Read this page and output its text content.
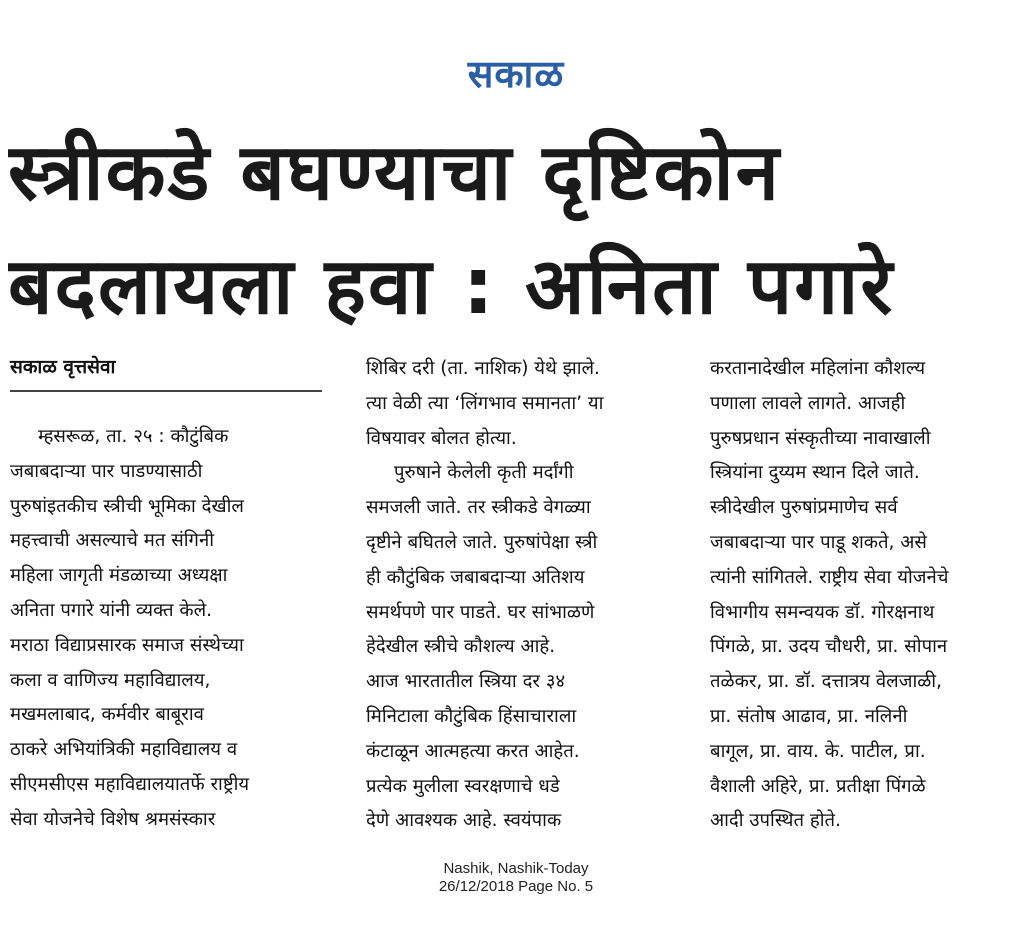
सकाळ
स्त्रीकडे बघण्याचा दृष्टिकोन
बदलायला हवा : अनिता पगारे
सकाळ वृत्तसेवा
म्हसरूळ, ता. २५ : कौटुंबिक
जबाबदाऱ्या पार पाडण्यासाठी
पुरुषांइतकीच स्त्रीची भूमिका देखील
महत्त्वाची असल्याचे मत संगिनी
महिला जागृती मंडळाच्या अध्यक्षा
अनिता पगारे यांनी व्यक्त केले.
मराठा विद्याप्रसारक समाज संस्थेच्या
कला व वाणिज्य महाविद्यालय,
मखमलाबाद, कर्मवीर बाबूराव
ठाकरे अभियांत्रिकी महाविद्यालय व
सीएमसीएस महाविद्यालयातर्फे राष्ट्रीय
सेवा योजनेचे विशेष श्रमसंस्कार
शिबिर दरी (ता. नाशिक) येथे झाले.
त्या वेळी त्या ‘लिंगभाव समानता’ या
विषयावर बोलत होत्या.
पुरुषाने केलेली कृती मर्दांगी
समजली जाते. तर स्त्रीकडे वेगळ्या
दृष्टीने बघितले जाते. पुरुषांपेक्षा स्त्री
ही कौटुंबिक जबाबदाऱ्या अतिशय
समर्थपणे पार पाडते. घर सांभाळणे
हेदेखील स्त्रीचे कौशल्य आहे.
आज भारतातील स्त्रिया दर ३४
मिनिटाला कौटुंबिक हिंसाचाराला
कंटाळून आत्महत्या करत आहेत.
प्रत्येक मुलीला स्वरक्षणाचे धडे
देणे आवश्यक आहे. स्वयंपाक
करतानादेखील महिलांना कौशल्य
पणाला लावले लागते. आजही
पुरुषप्रधान संस्कृतीच्या नावाखाली
स्त्रियांना दुय्यम स्थान दिले जाते.
स्त्रीदेखील पुरुषांप्रमाणेच सर्व
जबाबदाऱ्या पार पाडू शकते, असे
त्यांनी सांगितले. राष्ट्रीय सेवा योजनेचे
विभागीय समन्वयक डॉ. गोरक्षनाथ
पिंगळे, प्रा. उदय चौधरी, प्रा. सोपान
तळेकर, प्रा. डॉ. दत्तात्रय वेलजाळी,
प्रा. संतोष आढाव, प्रा. नलिनी
बागूल, प्रा. वाय. के. पाटील, प्रा.
वैशाली अहिरे, प्रा. प्रतीक्षा पिंगळे
आदी उपस्थित होते.
Nashik, Nashik-Today
26/12/2018 Page No. 5
